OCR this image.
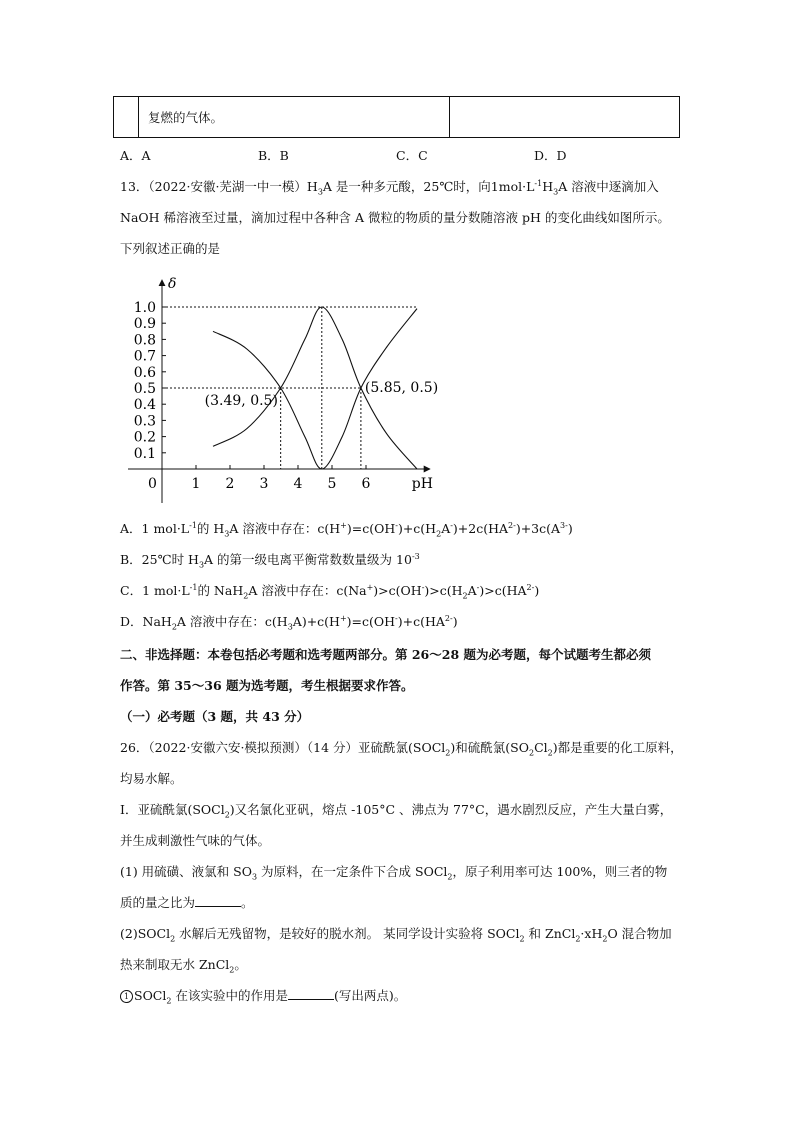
复燃的气体。
A．A	B．B	C．C	D．D
13．（2022·安徽·芜湖一中一模）$H_3A$ 是一种多元酸，25℃时，向$1mol\cdot L^{-1}H_3A$ 溶液中逐滴加入
NaOH 稀溶液至过量，滴加过程中各种含 A 微粒的物质的量分数随溶液 pH 的变化曲线如图所示。
下列叙述正确的是
δ
pH
0 1 2 3 4 5 6
0.1
0.2
0.3
0.4
0.5
0.6
0.7
0.8
0.9
1.0
(3.49, 0.5)
(5.85, 0.5)
A．1 $mol\cdot L^{-1}$的 $H_3A$ 溶液中存在：$c(H^+)=c(OH^-)+c(H_2A^-)+2c(HA^{2-})+3c(A^{3-})$
B．25℃时 $H_3A$ 的第一级电离平衡常数数量级为 $10^{-3}$
C．1 $mol\cdot L^{-1}$的 NaH$_2$A 溶液中存在：$c(Na^+)>c(OH^-)>c(H_2A^-)>c(HA^{2-})$
D．NaH$_2$A 溶液中存在：$c(H_3A)+c(H^+)=c(OH^-)+c(HA^{2-})$
二、非选择题：本卷包括必考题和选考题两部分。第 26～28 题为必考题，每个试题考生都必须
作答。第 35～36 题为选考题，考生根据要求作答。
（一）必考题（3 题，共 43 分）
26．（2022·安徽六安·模拟预测）（14 分）亚硫酰氯(SOCl$_2$)和硫酰氯$(SO_2Cl_2)$都是重要的化工原料，
均易水解。
I．亚硫酰氯(SOCl$_2$)又名氯化亚矾，熔点 -105°C 、沸点为 77°C，遇水剧烈反应，产生大量白雾，
并生成刺激性气味的气体。
(1) 用硫磺、液氯和 $SO_3$ 为原料，在一定条件下合成 SOCl$_2$，原子利用率可达 100%，则三者的物
质的量之比为	。
(2)SOCl$_2$ 水解后无残留物，是较好的脱水剂。 某同学设计实验将 SOCl$_2$ 和 $ZnCl_2\cdot xH_2O$ 混合物加
热来制取无水 ZnCl$_2$。
1 SOCl$_2$ 在该实验中的作用是	(写出两点)。
